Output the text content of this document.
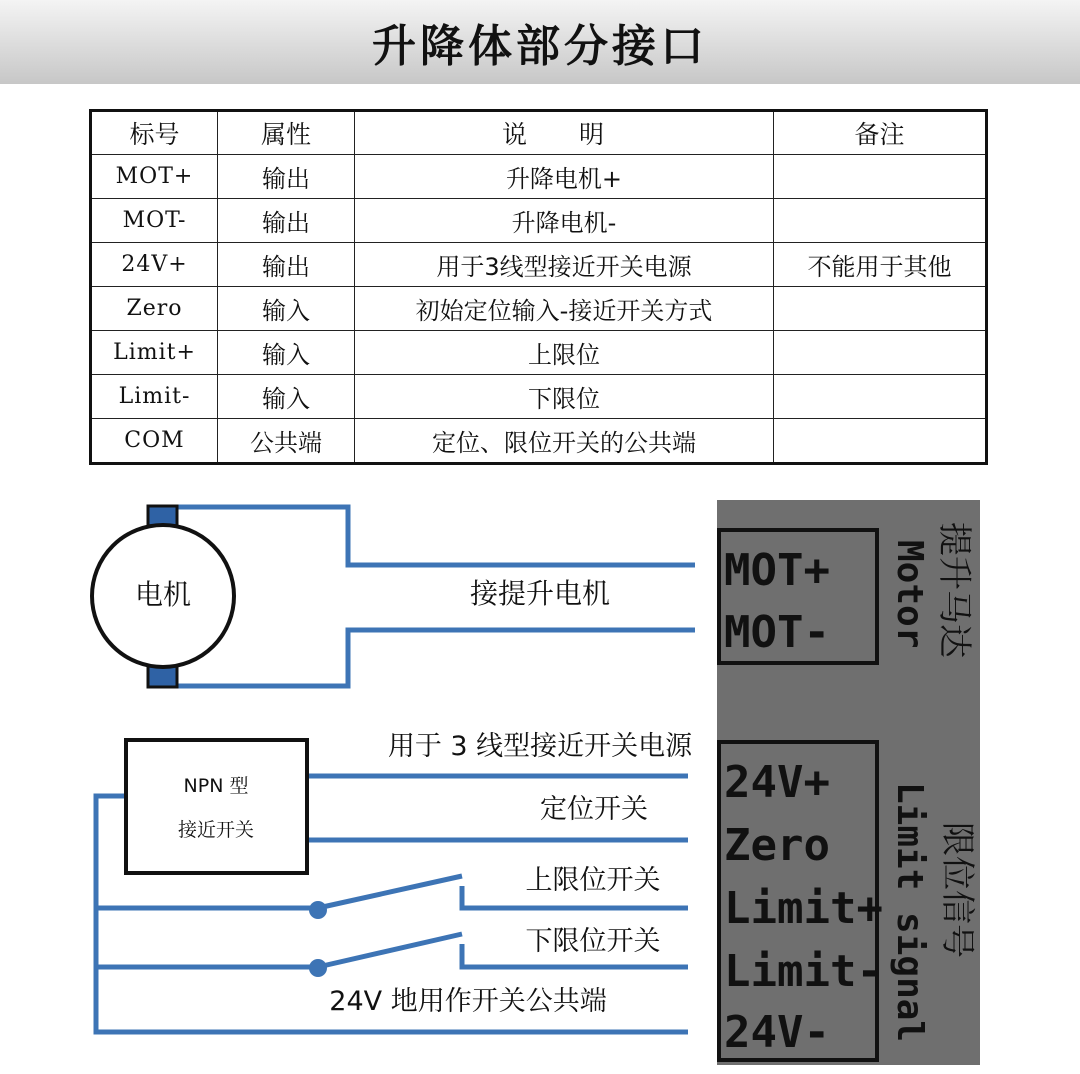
升降体部分接口
标号	属性	说 明	备注
MOT+	输出	升降电机+	
MOT-	输出	升降电机-	
24V+	输出	用于3线型接近开关电源	不能用于其他
Zero	输入	初始定位输入-接近开关方式	
Limit+	输入	上限位	
Limit-	输入	下限位	
COM	公共端	定位、限位开关的公共端	
电机	接提升电机
NPN 型
接近开关
用于 3 线型接近开关电源
定位开关
上限位开关
下限位开关
24V 地用作开关公共端
MOT+
MOT-	提升马达
Motor
24V+
Zero
Limit+
Limit-
24V-
限位信号
Limit signal
